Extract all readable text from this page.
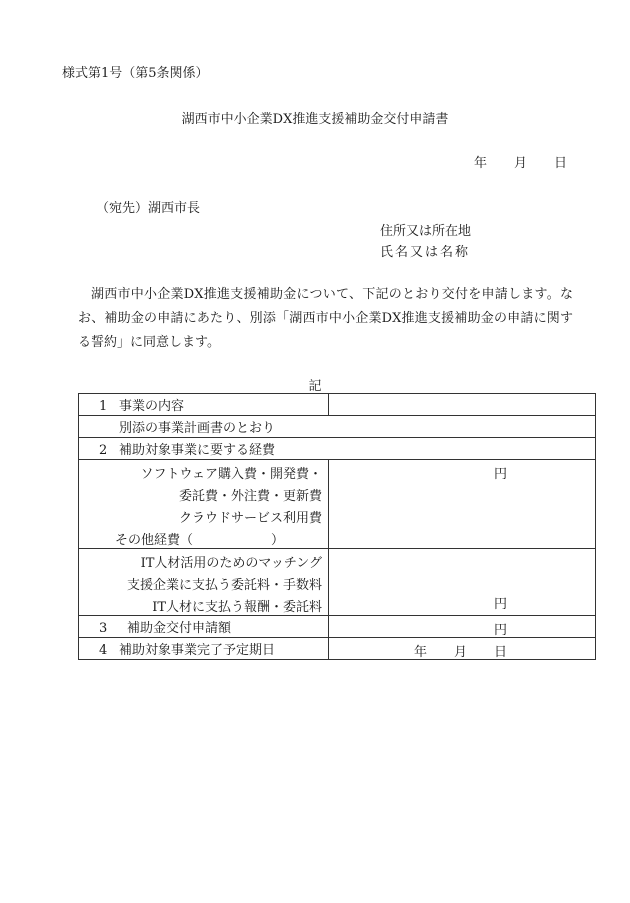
様式第1号（第5条関係）
湖西市中小企業DX推進支援補助金交付申請書
年 月 日
（宛先）湖西市長
住所又は所在地
氏名又は名称
湖西市中小企業DX推進支援補助金について、下記のとおり交付を申請します。なお、補助金の申請にあたり、別添「湖西市中小企業DX推進支援補助金の申請に関する誓約」に同意します。
記
1 事業の内容	
別添の事業計画書のとおり	
2 補助対象事業に要する経費	

ソフトウェア購入費・開発費・
委託費・外注費・更新費
クラウドサービス利用費
その他経費（　　　　　　）	円

IT人材活用のためのマッチング
支援企業に支払う委託料・手数料
IT人材に支払う報酬・委託料	円

3 補助金交付申請額	円

4 補助対象事業完了予定期日	年 月 日
